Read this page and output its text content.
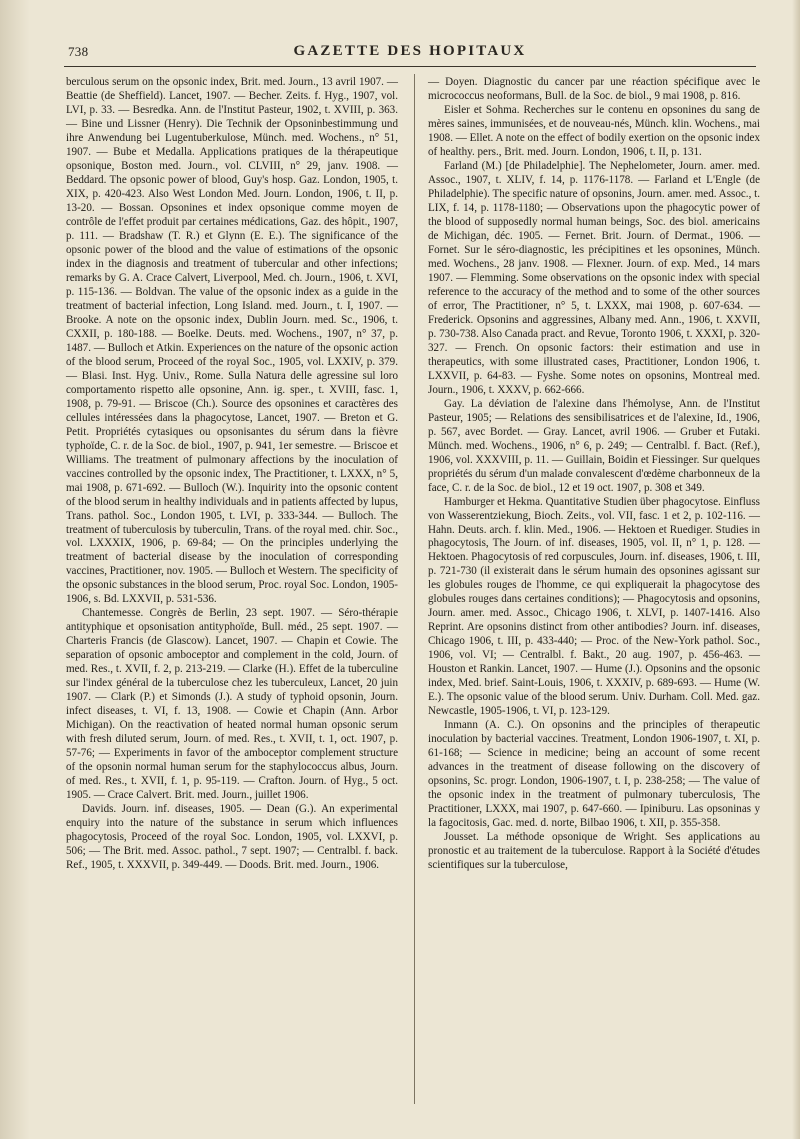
738	GAZETTE DES HOPITAUX

berculous serum on the opsonic index, Brit. med. Journ., 13 avril 1907. — Beattie (de Sheffield). Lancet, 1907. — Becher. Zeits. f. Hyg., 1907, vol. LVI, p. 33. — Besredka. Ann. de l'Institut Pasteur, 1902, t. XVIII, p. 363. — Bine und Lissner (Henry). Die Technik der Opsoninbestimmung und ihre Anwendung bei Lugentuberkulose, Münch. med. Wochens., n° 51, 1907. — Bube et Medalla. Applications pratiques de la thérapeutique opsonique, Boston med. Journ., vol. CLVIII, n° 29, janv. 1908. — Beddard. The opsonic power of blood, Guy's hosp. Gaz. London, 1905, t. XIX, p. 420-423. Also West London Med. Journ. London, 1906, t. II, p. 13-20. — Bossan. Opsonines et index opsonique comme moyen de contrôle de l'effet produit par certaines médications, Gaz. des hôpit., 1907, p. 111. — Bradshaw (T. R.) et Glynn (E. E.). The significance of the opsonic power of the blood and the value of estimations of the opsonic index in the diagnosis and treatment of tubercular and other infections; remarks by G. A. Crace Calvert, Liverpool, Med. ch. Journ., 1906, t. XVI, p. 115-136. — Boldvan. The value of the opsonic index as a guide in the treatment of bacterial infection, Long Island. med. Journ., t. I, 1907. — Brooke. A note on the opsonic index, Dublin Journ. med. Sc., 1906, t. CXXII, p. 180-188. — Boelke. Deuts. med. Wochens., 1907, n° 37, p. 1487. — Bulloch et Atkin. Experiences on the nature of the opsonic action of the blood serum, Proceed of the royal Soc., 1905, vol. LXXIV, p. 379. — Blasi. Inst. Hyg. Univ., Rome. Sulla Natura delle agressine sul loro comportamento rispetto alle opsonine, Ann. ig. sper., t. XVIII, fasc. 1, 1908, p. 79-91. — Briscoe (Ch.). Source des opsonines et caractères des cellules intéressées dans la phagocytose, Lancet, 1907. — Breton et G. Petit. Propriétés cytasiques ou opsonisantes du sérum dans la fièvre typhoïde, C. r. de la Soc. de biol., 1907, p. 941, 1er semestre. — Briscoe et Williams. The treatment of pulmonary affections by the inoculation of vaccines controlled by the opsonic index, The Practitioner, t. LXXX, n° 5, mai 1908, p. 671-692. — Bulloch (W.). Inquirity into the opsonic content of the blood serum in healthy individuals and in patients affected by lupus, Trans. pathol. Soc., London 1905, t. LVI, p. 333-344. — Bulloch. The treatment of tuberculosis by tuberculin, Trans. of the royal med. chir. Soc., vol. LXXXIX, 1906, p. 69-84; — On the principles underlying the treatment of bacterial disease by the inoculation of corresponding vaccines, Practitioner, nov. 1905. — Bulloch et Western. The specificity of the opsonic substances in the blood serum, Proc. royal Soc. London, 1905-1906, s. Bd. LXXVII, p. 531-536.

Chantemesse. Congrès de Berlin, 23 sept. 1907. — Séro-thérapie antityphique et opsonisation antityphoïde, Bull. méd., 25 sept. 1907. — Charteris Francis (de Glascow). Lancet, 1907. — Chapin et Cowie. The separation of opsonic amboceptor and complement in the cold, Journ. of med. Res., t. XVII, f. 2, p. 213-219. — Clarke (H.). Effet de la tuberculine sur l'index général de la tuberculose chez les tuberculeux, Lancet, 20 juin 1907. — Clark (P.) et Simonds (J.). A study of typhoid opsonin, Journ. infect diseases, t. VI, f. 13, 1908. — Cowie et Chapin (Ann. Arbor Michigan). On the reactivation of heated normal human opsonic serum with fresh diluted serum, Journ. of med. Res., t. XVII, t. 1, oct. 1907, p. 57-76; — Experiments in favor of the amboceptor complement structure of the opsonin normal human serum for the staphylococcus albus, Journ. of med. Res., t. XVII, f. 1, p. 95-119. — Crafton. Journ. of Hyg., 5 oct. 1905. — Crace Calvert. Brit. med. Journ., juillet 1906.

Davids. Journ. inf. diseases, 1905. — Dean (G.). An experimental enquiry into the nature of the substance in serum which influences phagocytosis, Proceed of the royal Soc. London, 1905, vol. LXXVI, p. 506; — The Brit. med. Assoc. pathol., 7 sept. 1907; — Centralbl. f. back. Ref., 1905, t. XXXVII, p. 349-449. — Doods. Brit. med. Journ., 1906.

— Doyen. Diagnostic du cancer par une réaction spécifique avec le micrococcus neoformans, Bull. de la Soc. de biol., 9 mai 1908, p. 816.

Eisler et Sohma. Recherches sur le contenu en opsonines du sang de mères saines, immunisées, et de nouveau-nés, Münch. klin. Wochens., mai 1908. — Ellet. A note on the effect of bodily exertion on the opsonic index of healthy. pers., Brit. med. Journ. London, 1906, t. II, p. 131.

Farland (M.) [de Philadelphie]. The Nephelometer, Journ. amer. med. Assoc., 1907, t. XLIV, f. 14, p. 1176-1178. — Farland et L'Engle (de Philadelphie). The specific nature of opsonins, Journ. amer. med. Assoc., t. LIX, f. 14, p. 1178-1180; — Observations upon the phagocytic power of the blood of supposedly normal human beings, Soc. des biol. americains de Michigan, déc. 1905. — Fernet. Brit. Journ. of Dermat., 1906. — Fornet. Sur le séro-diagnostic, les précipitines et les opsonines, Münch. med. Wochens., 28 janv. 1908. — Flexner. Journ. of exp. Med., 14 mars 1907. — Flemming. Some observations on the opsonic index with special reference to the accuracy of the method and to some of the other sources of error, The Practitioner, n° 5, t. LXXX, mai 1908, p. 607-634. — Frederick. Opsonins and aggressines, Albany med. Ann., 1906, t. XXVII, p. 730-738. Also Canada pract. and Revue, Toronto 1906, t. XXXI, p. 320-327. — French. On opsonic factors: their estimation and use in therapeutics, with some illustrated cases, Practitioner, London 1906, t. LXXVII, p. 64-83. — Fyshe. Some notes on opsonins, Montreal med. Journ., 1906, t. XXXV, p. 662-666.

Gay. La déviation de l'alexine dans l'hémolyse, Ann. de l'Institut Pasteur, 1905; — Relations des sensibilisatrices et de l'alexine, Id., 1906, p. 567, avec Bordet. — Gray. Lancet, avril 1906. — Gruber et Futaki. Münch. med. Wochens., 1906, n° 6, p. 249; — Centralbl. f. Bact. (Ref.), 1906, vol. XXXVIII, p. 11. — Guillain, Boidin et Fiessinger. Sur quelques propriétés du sérum d'un malade convalescent d'œdème charbonneux de la face, C. r. de la Soc. de biol., 12 et 19 oct. 1907, p. 308 et 349.

Hamburger et Hekma. Quantitative Studien über phagocytose. Einfluss von Wasserentziekung, Bioch. Zeits., vol. VII, fasc. 1 et 2, p. 102-116. — Hahn. Deuts. arch. f. klin. Med., 1906. — Hektoen et Ruediger. Studies in phagocytosis, The Journ. of inf. diseases, 1905, vol. II, n° 1, p. 128. — Hektoen. Phagocytosis of red corpuscules, Journ. inf. diseases, 1906, t. III, p. 721-730 (il existerait dans le sérum humain des opsonines agissant sur les globules rouges de l'homme, ce qui expliquerait la phagocytose des globules rouges dans certaines conditions); — Phagocytosis and opsonins, Journ. amer. med. Assoc., Chicago 1906, t. XLVI, p. 1407-1416. Also Reprint. Are opsonins distinct from other antibodies? Journ. inf. diseases, Chicago 1906, t. III, p. 433-440; — Proc. of the New-York pathol. Soc., 1906, vol. VI; — Centralbl. f. Bakt., 20 aug. 1907, p. 456-463. — Houston et Rankin. Lancet, 1907. — Hume (J.). Opsonins and the opsonic index, Med. brief. Saint-Louis, 1906, t. XXXIV, p. 689-693. — Hume (W. E.). The opsonic value of the blood serum. Univ. Durham. Coll. Med. gaz. Newcastle, 1905-1906, t. VI, p. 123-129.

Inmann (A. C.). On opsonins and the principles of therapeutic inoculation by bacterial vaccines. Treatment, London 1906-1907, t. XI, p. 61-168; — Science in medicine; being an account of some recent advances in the treatment of disease following on the discovery of opsonins, Sc. progr. London, 1906-1907, t. I, p. 238-258; — The value of the opsonic index in the treatment of pulmonary tuberculosis, The Practitioner, LXXX, mai 1907, p. 647-660. — Ipiniburu. Las opsoninas y la fagocitosis, Gac. med. d. norte, Bilbao 1906, t. XII, p. 355-358.

Jousset. La méthode opsonique de Wright. Ses applications au pronostic et au traitement de la tuberculose. Rapport à la Société d'études scientifiques sur la tuberculose,
